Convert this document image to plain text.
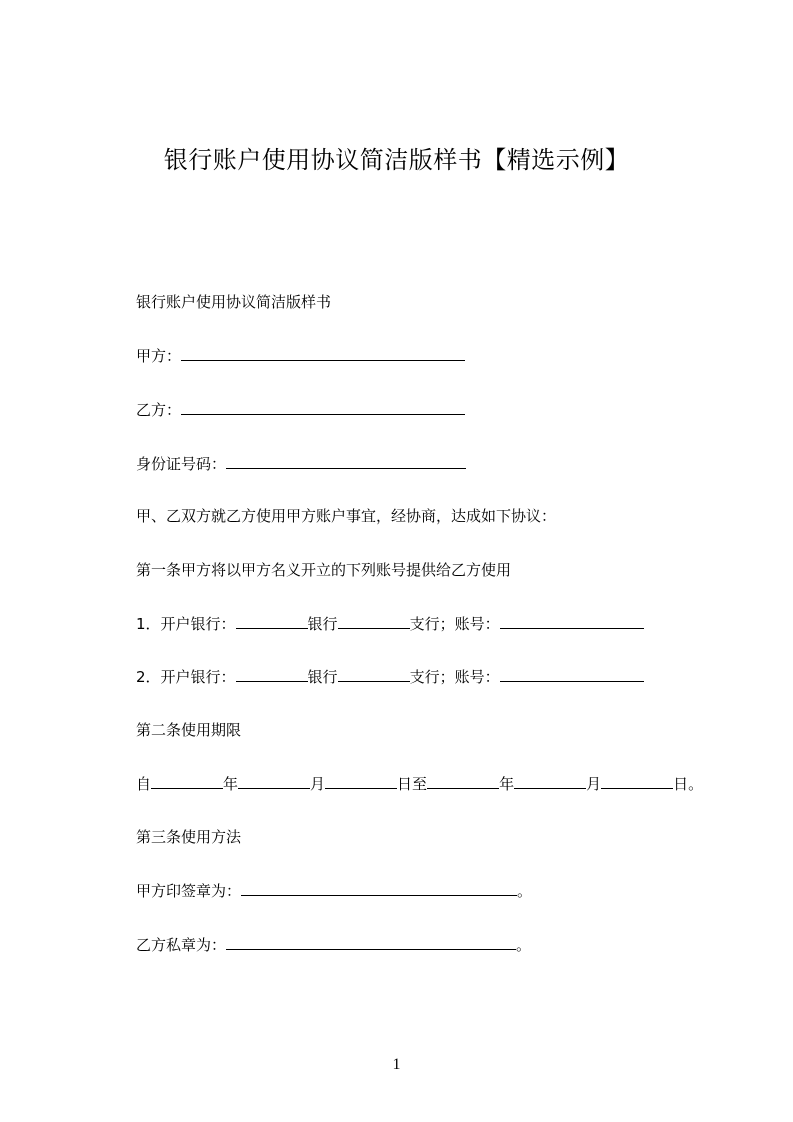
银行账户使用协议简洁版样书【精选示例】
银行账户使用协议简洁版样书
甲方：
乙方：
身份证号码：
甲、乙双方就乙方使用甲方账户事宜，经协商，达成如下协议：
第一条甲方将以甲方名义开立的下列账号提供给乙方使用
1．开户银行：	银行	支行；账号：
2．开户银行：	银行	支行；账号：
第二条使用期限
自	年	月	日至	年	月	日。
第三条使用方法
甲方印签章为：	。
乙方私章为：	。
1
